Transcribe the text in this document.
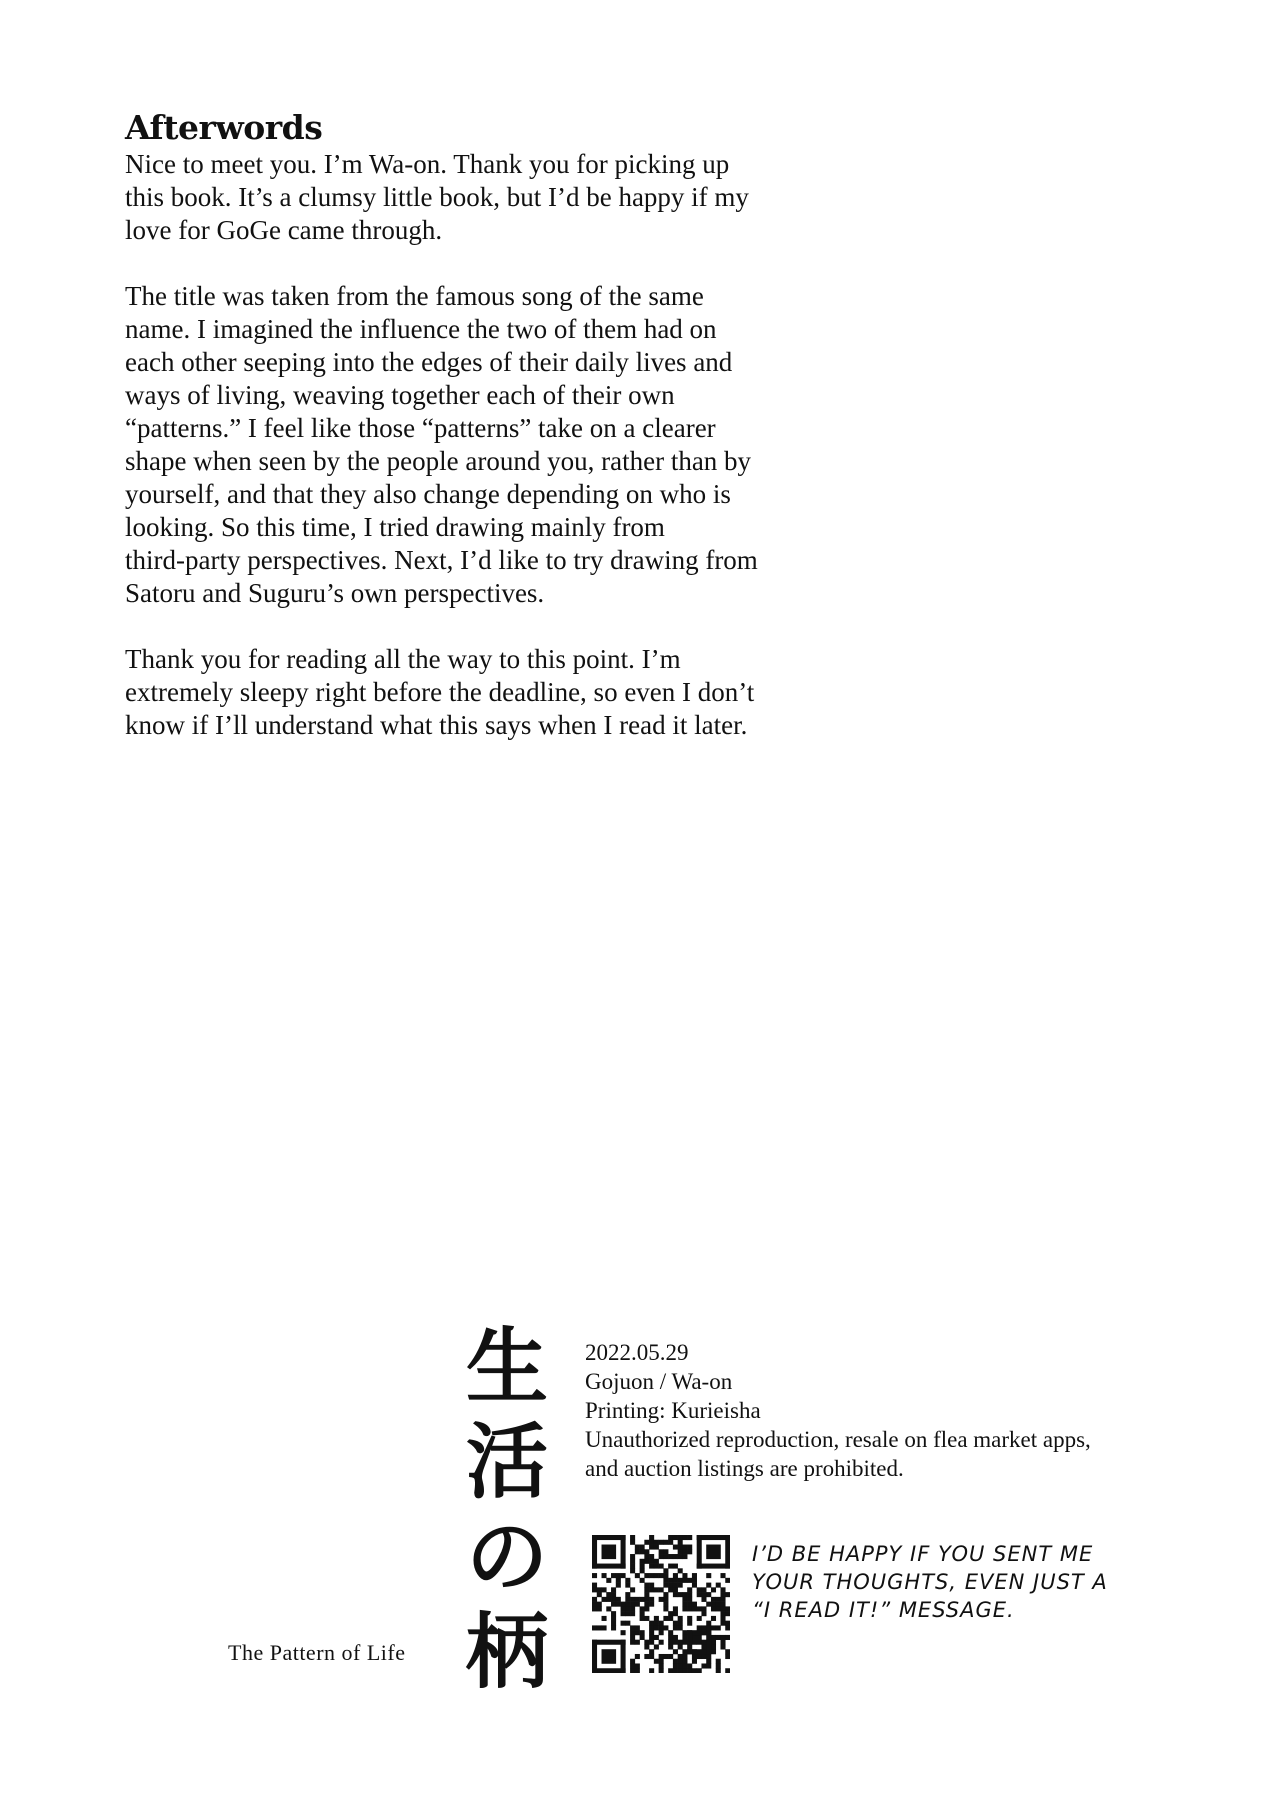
Afterwords

Nice to meet you. I’m Wa-on. Thank you for picking up
this book. It’s a clumsy little book, but I’d be happy if my
love for GoGe came through.

The title was taken from the famous song of the same
name. I imagined the influence the two of them had on
each other seeping into the edges of their daily lives and
ways of living, weaving together each of their own
“patterns.” I feel like those “patterns” take on a clearer
shape when seen by the people around you, rather than by
yourself, and that they also change depending on who is
looking. So this time, I tried drawing mainly from
third-party perspectives. Next, I’d like to try drawing from
Satoru and Suguru’s own perspectives.

Thank you for reading all the way to this point. I’m
extremely sleepy right before the deadline, so even I don’t
know if I’ll understand what this says when I read it later.

生
活
の
柄
The Pattern of Life
2022.05.29
Gojuon / Wa-on
Printing: Kurieisha
Unauthorized reproduction, resale on flea market apps,
and auction listings are prohibited.
I’D BE HAPPY IF YOU SENT ME
YOUR THOUGHTS, EVEN JUST A
“I READ IT!” MESSAGE.
